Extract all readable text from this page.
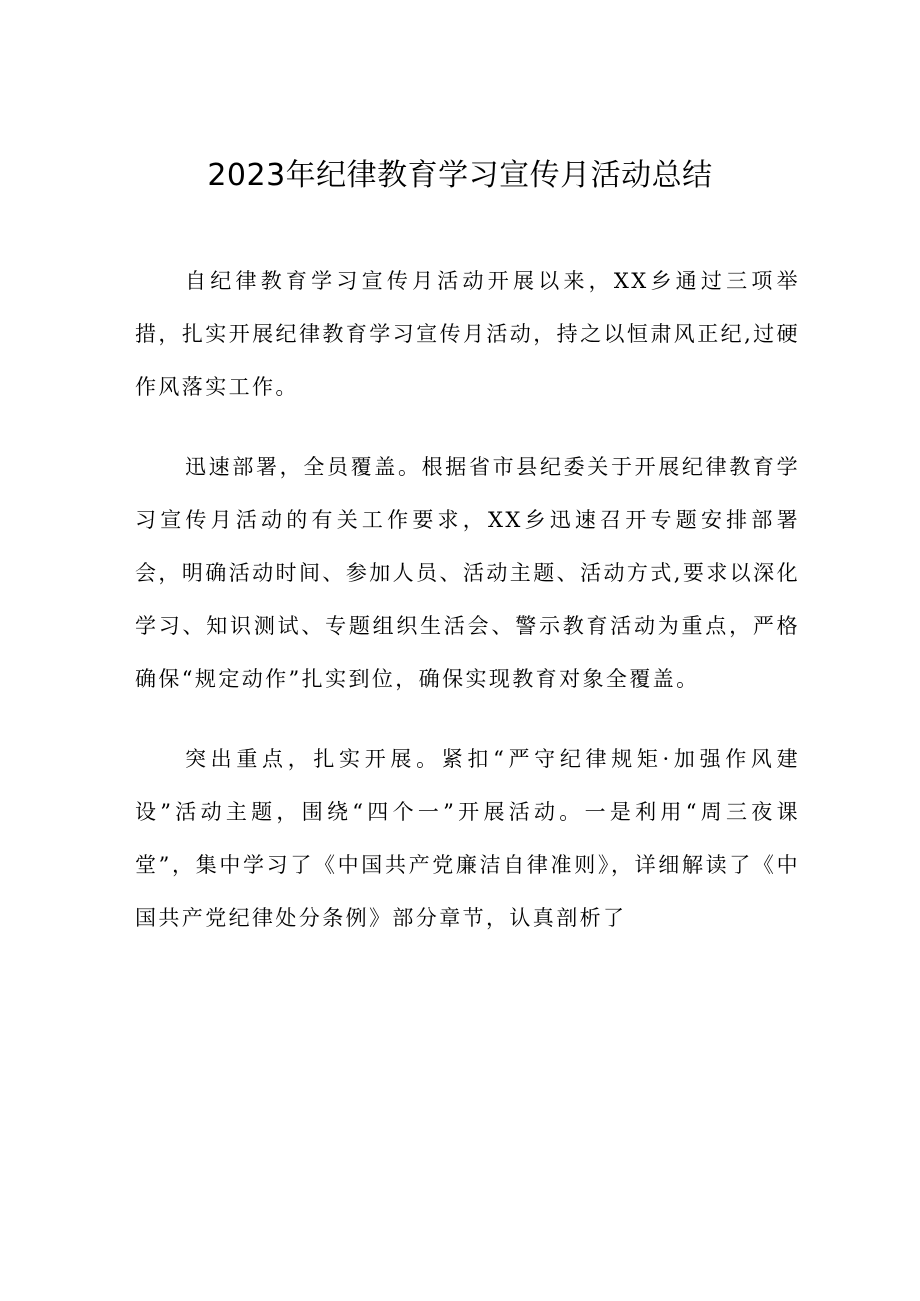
2023年纪律教育学习宣传月活动总结

自纪律教育学习宣传月活动开展以来，XX乡通过三项举措，扎实开展纪律教育学习宣传月活动，持之以恒肃风正纪,过硬作风落实工作。

迅速部署，全员覆盖。根据省市县纪委关于开展纪律教育学习宣传月活动的有关工作要求，XX乡迅速召开专题安排部署会，明确活动时间、参加人员、活动主题、活动方式,要求以深化学习、知识测试、专题组织生活会、警示教育活动为重点，严格确保“规定动作”扎实到位，确保实现教育对象全覆盖。

突出重点，扎实开展。紧扣“严守纪律规矩·加强作风建设”活动主题，围绕“四个一”开展活动。一是利用“周三夜课堂”，集中学习了《中国共产党廉洁自律准则》，详细解读了《中国共产党纪律处分条例》部分章节，认真剖析了
